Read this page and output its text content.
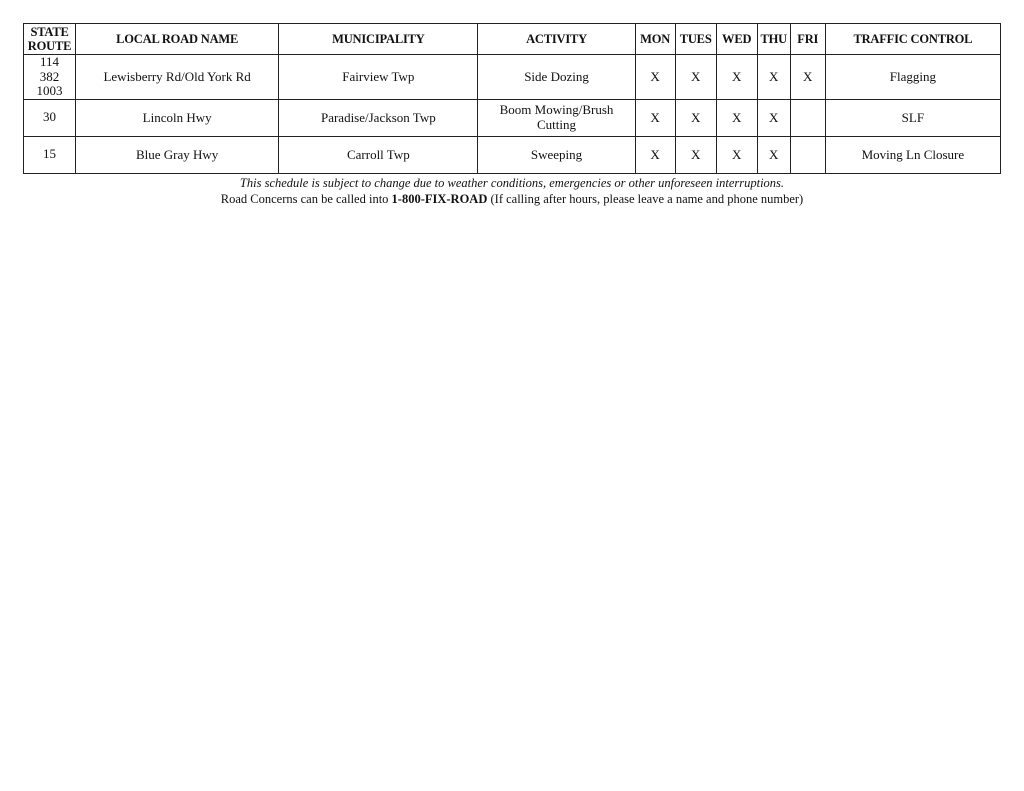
STATE
ROUTE	LOCAL ROAD NAME	MUNICIPALITY	ACTIVITY	MON	TUES	WED	THU	FRI	TRAFFIC CONTROL

114
382
1003	Lewisberry Rd/Old York Rd	Fairview Twp	Side Dozing	X	X	X	X	X	Flagging

30	Lincoln Hwy	Paradise/Jackson Twp	Boom Mowing/Brush
Cutting	X	X	X	X		SLF

15	Blue Gray Hwy	Carroll Twp	Sweeping	X	X	X	X		Moving Ln Closure
This schedule is subject to change due to weather conditions, emergencies or other unforeseen interruptions.
Road Concerns can be called into 1-800-FIX-ROAD (If calling after hours, please leave a name and phone number)
